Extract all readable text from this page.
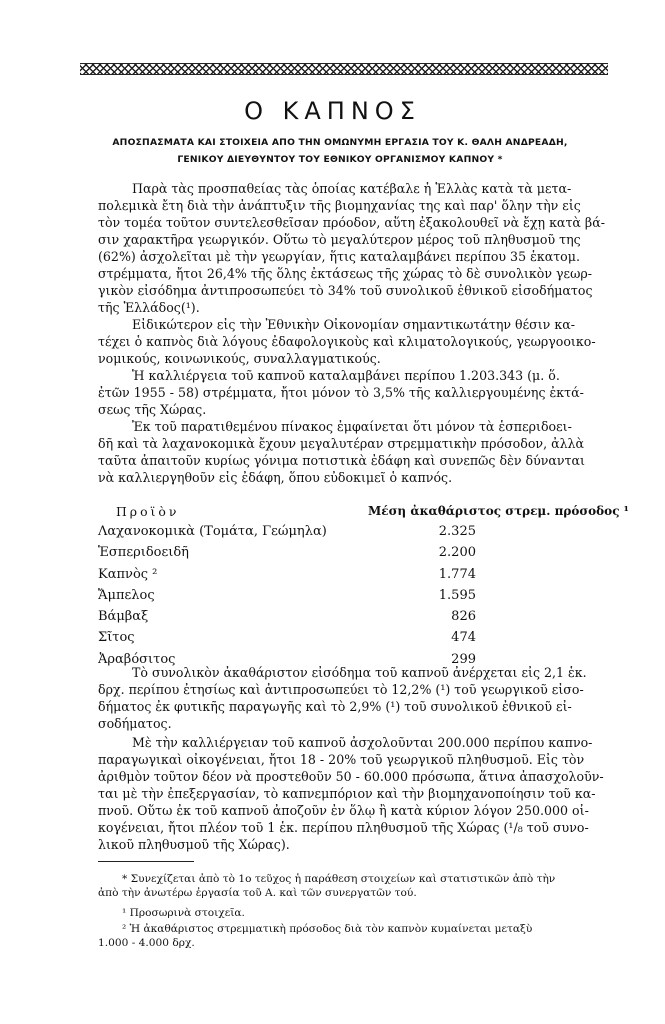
Ο ΚΑΠΝΟΣ
ΑΠΟΣΠΑΣΜΑΤΑ ΚΑΙ ΣΤΟΙΧΕΙΑ ΑΠΟ ΤΗΝ ΟΜΩΝΥΜΗ ΕΡΓΑΣΙΑ ΤΟΥ Κ. ΘΑΛΗ ΑΝΔΡΕΑΔΗ,
ΓΕΝΙΚΟΥ ΔΙΕΥΘΥΝΤΟΥ ΤΟΥ ΕΘΝΙΚΟΥ ΟΡΓΑΝΙΣΜΟΥ ΚΑΠΝΟΥ *
Παρὰ τὰς προσπαθείας τὰς ὁποίας κατέβαλε ἡ Ἑλλὰς κατὰ τὰ μετα-
πολεμικὰ ἔτη διὰ τὴν ἀνάπτυξιν τῆς βιομηχανίας της καὶ παρ' ὅλην τὴν εἰς
τὸν τομέα τοῦτον συντελεσθεῖσαν πρόοδον, αὕτη ἐξακολουθεῖ νὰ ἔχῃ κατὰ βά-
σιν χαρακτῆρα γεωργικόν. Οὕτω τὸ μεγαλύτερον μέρος τοῦ πληθυσμοῦ της
(62%) ἀσχολεῖται μὲ τὴν γεωργίαν, ἥτις καταλαμβάνει περίπου 35 ἑκατομ.
στρέμματα, ἤτοι 26,4% τῆς ὅλης ἐκτάσεως τῆς χώρας τὸ δὲ συνολικὸν γεωρ-
γικὸν εἰσόδημα ἀντιπροσωπεύει τὸ 34% τοῦ συνολικοῦ ἐθνικοῦ εἰσοδήματος
τῆς Ἑλλάδος(¹).
Εἰδικώτερον εἰς τὴν Ἐθνικὴν Οἰκονομίαν σημαντικωτάτην θέσιν κα-
τέχει ὁ καπνὸς διὰ λόγους ἐδαφολογικοὺς καὶ κλιματολογικούς, γεωργοοικο-
νομικούς, κοινωνικούς, συναλλαγματικούς.
Ἡ καλλιέργεια τοῦ καπνοῦ καταλαμβάνει περίπου 1.203.343 (μ. ὅ.
ἐτῶν 1955 - 58) στρέμματα, ἤτοι μόνον τὸ 3,5% τῆς καλλιεργουμένης ἐκτά-
σεως τῆς Χώρας.
Ἐκ τοῦ παρατιθεμένου πίνακος ἐμφαίνεται ὅτι μόνον τὰ ἑσπεριδοει-
δῆ καὶ τὰ λαχανοκομικὰ ἔχουν μεγαλυτέραν στρεμματικὴν πρόσοδον, ἀλλὰ
ταῦτα ἀπαιτοῦν κυρίως γόνιμα ποτιστικὰ ἐδάφη καὶ συνεπῶς δὲν δύνανται
νὰ καλλιεργηθοῦν εἰς ἐδάφη, ὅπου εὐδοκιμεῖ ὁ καπνός.
Προϊὸν	Μέση ἀκαθάριστος στρεμ. πρόσοδος ¹
Λαχανοκομικὰ (Τομάτα, Γεώμηλα)	2.325
Ἑσπεριδοειδῆ	2.200
Καπνὸς ²	1.774
Ἄμπελος	1.595
Βάμβαξ	826
Σῖτος	474
Ἀραβόσιτος	299
Τὸ συνολικὸν ἀκαθάριστον εἰσόδημα τοῦ καπνοῦ ἀνέρχεται εἰς 2,1 ἑκ.
δρχ. περίπου ἐτησίως καὶ ἀντιπροσωπεύει τὸ 12,2% (¹) τοῦ γεωργικοῦ εἰσο-
δήματος ἐκ φυτικῆς παραγωγῆς καὶ τὸ 2,9% (¹) τοῦ συνολικοῦ ἐθνικοῦ εἰ-
σοδήματος.
Μὲ τὴν καλλιέργειαν τοῦ καπνοῦ ἀσχολοῦνται 200.000 περίπου καπνο-
παραγωγικαὶ οἰκογένειαι, ἤτοι 18 - 20% τοῦ γεωργικοῦ πληθυσμοῦ. Εἰς τὸν
ἀριθμὸν τοῦτον δέον νὰ προστεθοῦν 50 - 60.000 πρόσωπα, ἅτινα ἀπασχολοῦν-
ται μὲ τὴν ἐπεξεργασίαν, τὸ καπνεμπόριον καὶ τὴν βιομηχανοποίησιν τοῦ κα-
πνοῦ. Οὕτω ἐκ τοῦ καπνοῦ ἀποζοῦν ἐν ὅλῳ ἢ κατὰ κύριον λόγον 250.000 οἰ-
κογένειαι, ἤτοι πλέον τοῦ 1 ἑκ. περίπου πληθυσμοῦ τῆς Χώρας (¹/₈ τοῦ συνο-
λικοῦ πληθυσμοῦ τῆς Χώρας).
* Συνεχίζεται ἀπὸ τὸ 1ο τεῦχος ἡ παράθεση στοιχείων καὶ στατιστικῶν ἀπὸ τὴν
ἀπὸ τὴν ἀνωτέρω ἐργασία τοῦ Α. καὶ τῶν συνεργατῶν τού.
¹ Προσωρινὰ στοιχεῖα.
² Ἡ ἀκαθάριστος στρεμματικὴ πρόσοδος διὰ τὸν καπνὸν κυμαίνεται μεταξὺ
1.000 - 4.000 δρχ.
